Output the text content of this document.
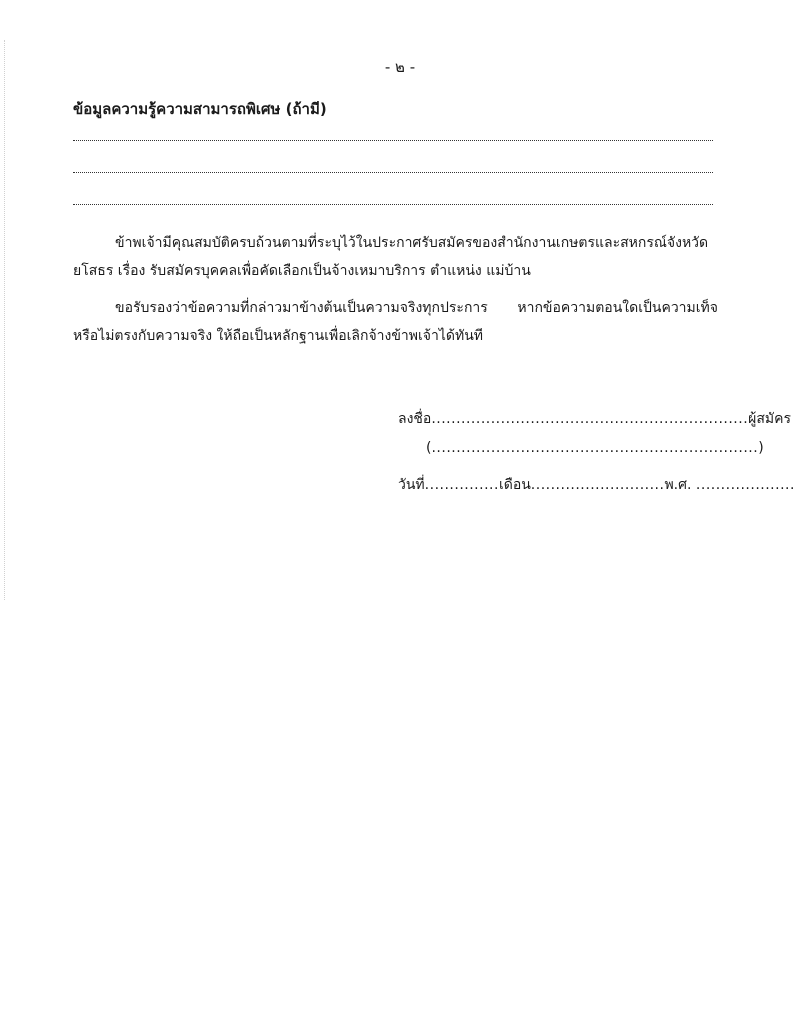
- ๒ -
ข้อมูลความรู้ความสามารถพิเศษ (ถ้ามี)
ข้าพเจ้ามีคุณสมบัติครบถ้วนตามที่ระบุไว้ในประกาศรับสมัครของสำนักงานเกษตรและสหกรณ์จังหวัดยโสธร เรื่อง รับสมัครบุคคลเพื่อคัดเลือกเป็นจ้างเหมาบริการ ตำแหน่ง แม่บ้าน
ขอรับรองว่าข้อความที่กล่าวมาข้างต้นเป็นความจริงทุกประการ หากข้อความตอนใดเป็นความเท็จหรือไม่ตรงกับความจริง ให้ถือเป็นหลักฐานเพื่อเลิกจ้างข้าพเจ้าได้ทันที
ลงชื่อ................................................................ผู้สมัคร
(..................................................................)
วันที่...............เดือน...........................พ.ศ. ....................
